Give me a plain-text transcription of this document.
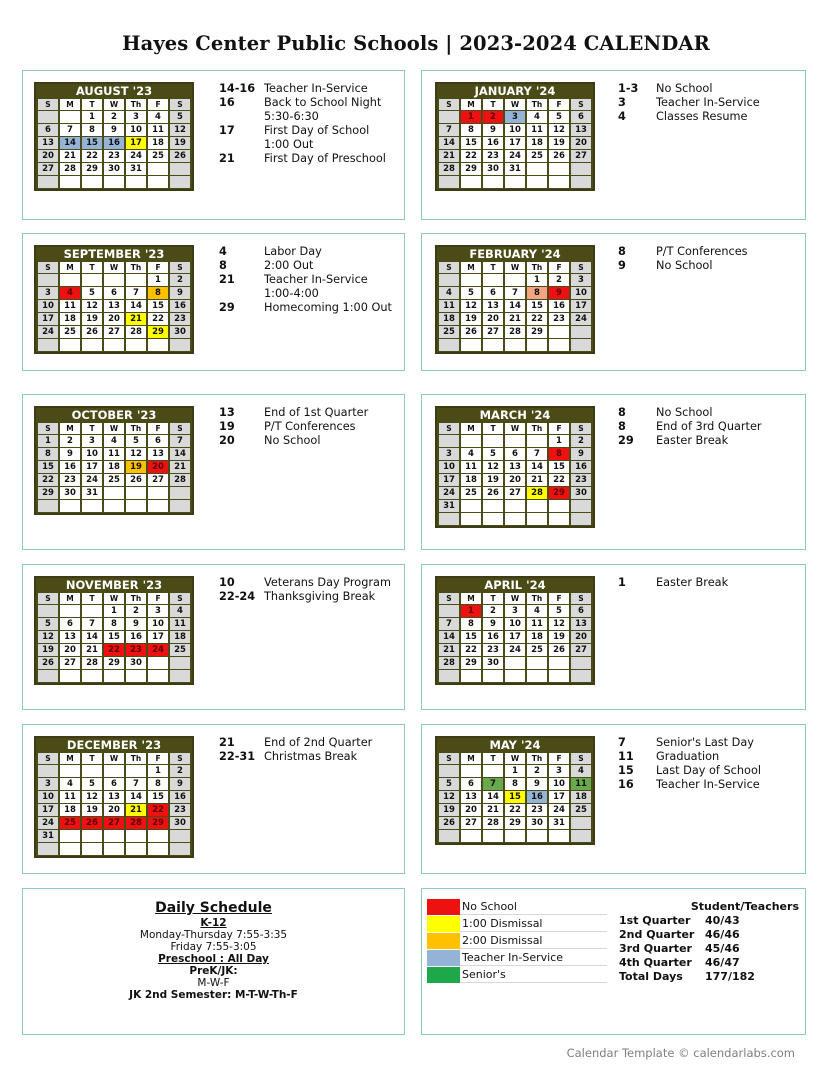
Hayes Center Public Schools | 2023-2024 CALENDAR
AUGUST '23
S	M	T	W	Th	F	S
		1	2	3	4	5
6	7	8	9	10	11	12
13	14	15	16	17	18	19
20	21	22	23	24	25	26
27	28	29	30	31		

14-16 Teacher In-Service
16	Back to School Night
5:30-6:30
17	First Day of School
1:00 Out
21	First Day of Preschool
JANUARY '24
S	M	T	W	Th	F	S
	1	2	3	4	5	6
7	8	9	10	11	12	13
14	15	16	17	18	19	20
21	22	23	24	25	26	27
28	29	30	31			

1-3 No School
3	Teacher In-Service
4	Classes Resume
SEPTEMBER '23
S	M	T	W	Th	F	S
					1	2
3	4	5	6	7	8	9
10	11	12	13	14	15	16
17	18	19	20	21	22	23
24	25	26	27	28	29	30

4	Labor Day
8	2:00 Out
21	Teacher In-Service
1:00-4:00
29	Homecoming 1:00 Out
FEBRUARY '24
S	M	T	W	Th	F	S
				1	2	3
4	5	6	7	8	9	10
11	12	13	14	15	16	17
18	19	20	21	22	23	24
25	26	27	28	29		

8	P/T Conferences
9	No School
OCTOBER '23
S	M	T	W	Th	F	S
1	2	3	4	5	6	7
8	9	10	11	12	13	14
15	16	17	18	19	20	21
22	23	24	25	26	27	28
29	30	31				

13	End of 1st Quarter
19	P/T Conferences
20	No School
MARCH '24
S	M	T	W	Th	F	S
					1	2
3	4	5	6	7	8	9
10	11	12	13	14	15	16
17	18	19	20	21	22	23
24	25	26	27	28	29	30
31						

8	No School
8	End of 3rd Quarter
29 Easter Break
NOVEMBER '23
S	M	T	W	Th	F	S
			1	2	3	4
5	6	7	8	9	10	11
12	13	14	15	16	17	18
19	20	21	22	23	24	25
26	27	28	29	30		

10	Veterans Day Program
22-24 Thanksgiving Break
APRIL '24
S	M	T	W	Th	F	S
	1	2	3	4	5	6
7	8	9	10	11	12	13
14	15	16	17	18	19	20
21	22	23	24	25	26	27
28	29	30				

1	Easter Break
DECEMBER '23
S	M	T	W	Th	F	S
					1	2
3	4	5	6	7	8	9
10	11	12	13	14	15	16
17	18	19	20	21	22	23
24	25	26	27	28	29	30
31						

21	End of 2nd Quarter
22-31 Christmas Break
MAY '24
S	M	T	W	Th	F	S
			1	2	3	4
5	6	7	8	9	10	11
12	13	14	15	16	17	18
19	20	21	22	23	24	25
26	27	28	29	30	31	

7	Senior's Last Day
11 Graduation
15 Last Day of School
16 Teacher In-Service
Daily Schedule
K-12
Monday-Thursday 7:55-3:35
Friday 7:55-3:05
Preschool : All Day
PreK/JK:
M-W-F
JK 2nd Semester: M-T-W-Th-F
No School
1:00 Dismissal
2:00 Dismissal
Teacher In-Service
Senior's
Student/Teachers
1st Quarter 40/43
2nd Quarter 46/46
3rd Quarter 45/46
4th Quarter 46/47
Total Days 177/182
Calendar Template © calendarlabs.com
